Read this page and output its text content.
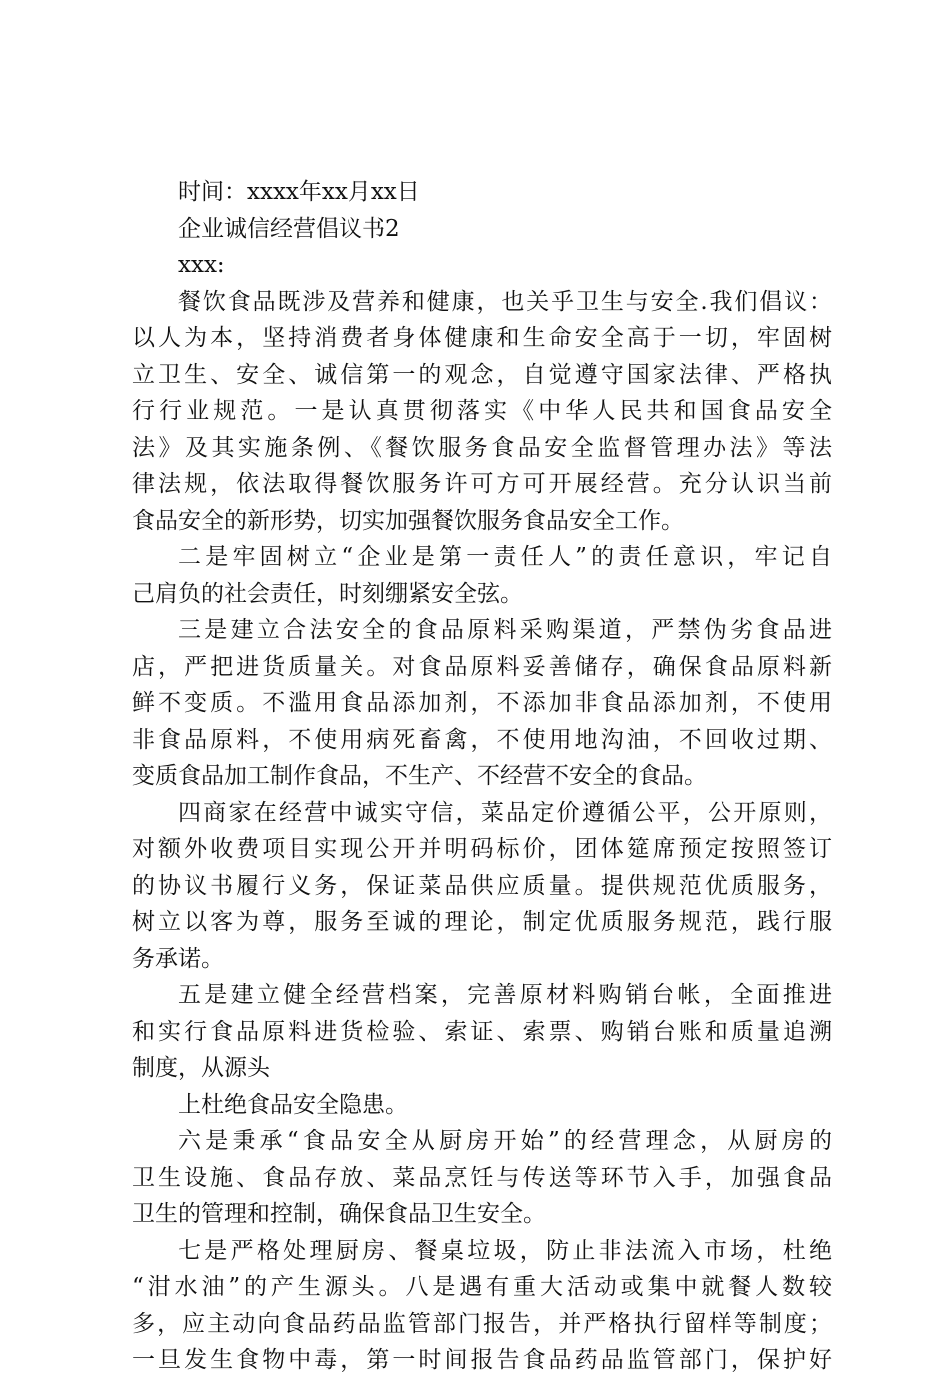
时间：xxxx年xx月xx日
企业诚信经营倡议书2
xxx:
餐饮食品既涉及营养和健康，也关乎卫生与安全.我们倡议：
以人为本，坚持消费者身体健康和生命安全高于一切，牢固树
立卫生、安全、诚信第一的观念，自觉遵守国家法律、严格执
行行业规范。一是认真贯彻落实《中华人民共和国食品安全
法》及其实施条例、《餐饮服务食品安全监督管理办法》等法
律法规，依法取得餐饮服务许可方可开展经营。充分认识当前
食品安全的新形势，切实加强餐饮服务食品安全工作。
二是牢固树立“企业是第一责任人”的责任意识，牢记自
己肩负的社会责任，时刻绷紧安全弦。
三是建立合法安全的食品原料采购渠道，严禁伪劣食品进
店，严把进货质量关。对食品原料妥善储存，确保食品原料新
鲜不变质。不滥用食品添加剂，不添加非食品添加剂，不使用
非食品原料，不使用病死畜禽，不使用地沟油，不回收过期、
变质食品加工制作食品，不生产、不经营不安全的食品。
四商家在经营中诚实守信，菜品定价遵循公平，公开原则，
对额外收费项目实现公开并明码标价，团体筵席预定按照签订
的协议书履行义务，保证菜品供应质量。提供规范优质服务，
树立以客为尊，服务至诚的理论，制定优质服务规范，践行服
务承诺。
五是建立健全经营档案，完善原材料购销台帐，全面推进
和实行食品原料进货检验、索证、索票、购销台账和质量追溯
制度，从源头
上杜绝食品安全隐患。
六是秉承“食品安全从厨房开始”的经营理念，从厨房的
卫生设施、食品存放、菜品烹饪与传送等环节入手，加强食品
卫生的管理和控制，确保食品卫生安全。
七是严格处理厨房、餐桌垃圾，防止非法流入市场，杜绝
“泔水油”的产生源头。八是遇有重大活动或集中就餐人数较
多，应主动向食品药品监管部门报告，并严格执行留样等制度；
一旦发生食物中毒，第一时间报告食品药品监管部门，保护好
